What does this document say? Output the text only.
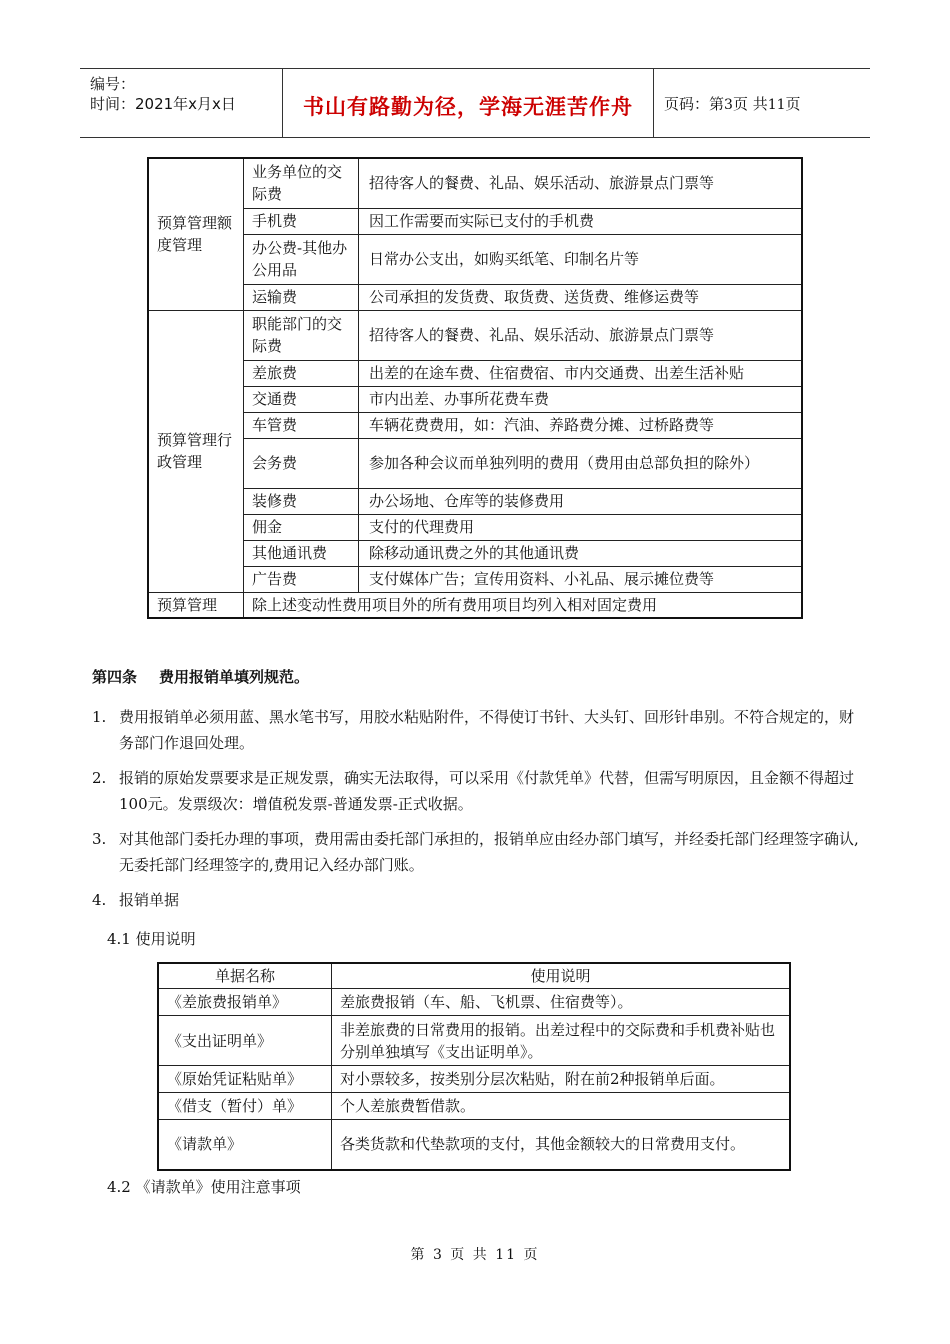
编号：
时间：2021年x月x日	书山有路勤为径，学海无涯苦作舟	页码：第3页 共11页
预算管理额度管理	业务单位的交际费	招待客人的餐费、礼品、娱乐活动、旅游景点门票等
	手机费	因工作需要而实际已支付的手机费
	办公费-其他办公用品	日常办公支出，如购买纸笔、印制名片等
	运输费	公司承担的发货费、取货费、送货费、维修运费等
预算管理行政管理	职能部门的交际费	招待客人的餐费、礼品、娱乐活动、旅游景点门票等
	差旅费	出差的在途车费、住宿费宿、市内交通费、出差生活补贴
	交通费	市内出差、办事所花费车费
	车管费	车辆花费费用，如：汽油、养路费分摊、过桥路费等
	会务费	参加各种会议而单独列明的费用（费用由总部负担的除外）
	装修费	办公场地、仓库等的装修费用
	佣金	支付的代理费用
	其他通讯费	除移动通讯费之外的其他通讯费
	广告费	支付媒体广告；宣传用资料、小礼品、展示摊位费等
预算管理	除上述变动性费用项目外的所有费用项目均列入相对固定费用	
第四条 费用报销单填列规范。
1. 费用报销单必须用蓝、黑水笔书写，用胶水粘贴附件，不得使订书针、大头钉、回形针串别。不符合规定的，财务部门作退回处理。
2. 报销的原始发票要求是正规发票，确实无法取得，可以采用《付款凭单》代替，但需写明原因，且金额不得超过100元。发票级次：增值税发票-普通发票-正式收据。
3. 对其他部门委托办理的事项，费用需由委托部门承担的，报销单应由经办部门填写，并经委托部门经理签字确认,无委托部门经理签字的,费用记入经办部门账。
4. 报销单据
4.1 使用说明
单据名称	使用说明
《差旅费报销单》	差旅费报销（车、船、飞机票、住宿费等）。
《支出证明单》	非差旅费的日常费用的报销。出差过程中的交际费和手机费补贴也分别单独填写《支出证明单》。
《原始凭证粘贴单》	对小票较多，按类别分层次粘贴，附在前2种报销单后面。
《借支（暂付）单》	个人差旅费暂借款。
《请款单》	各类货款和代垫款项的支付，其他金额较大的日常费用支付。
4.2 《请款单》使用注意事项
第 3 页 共 11 页
